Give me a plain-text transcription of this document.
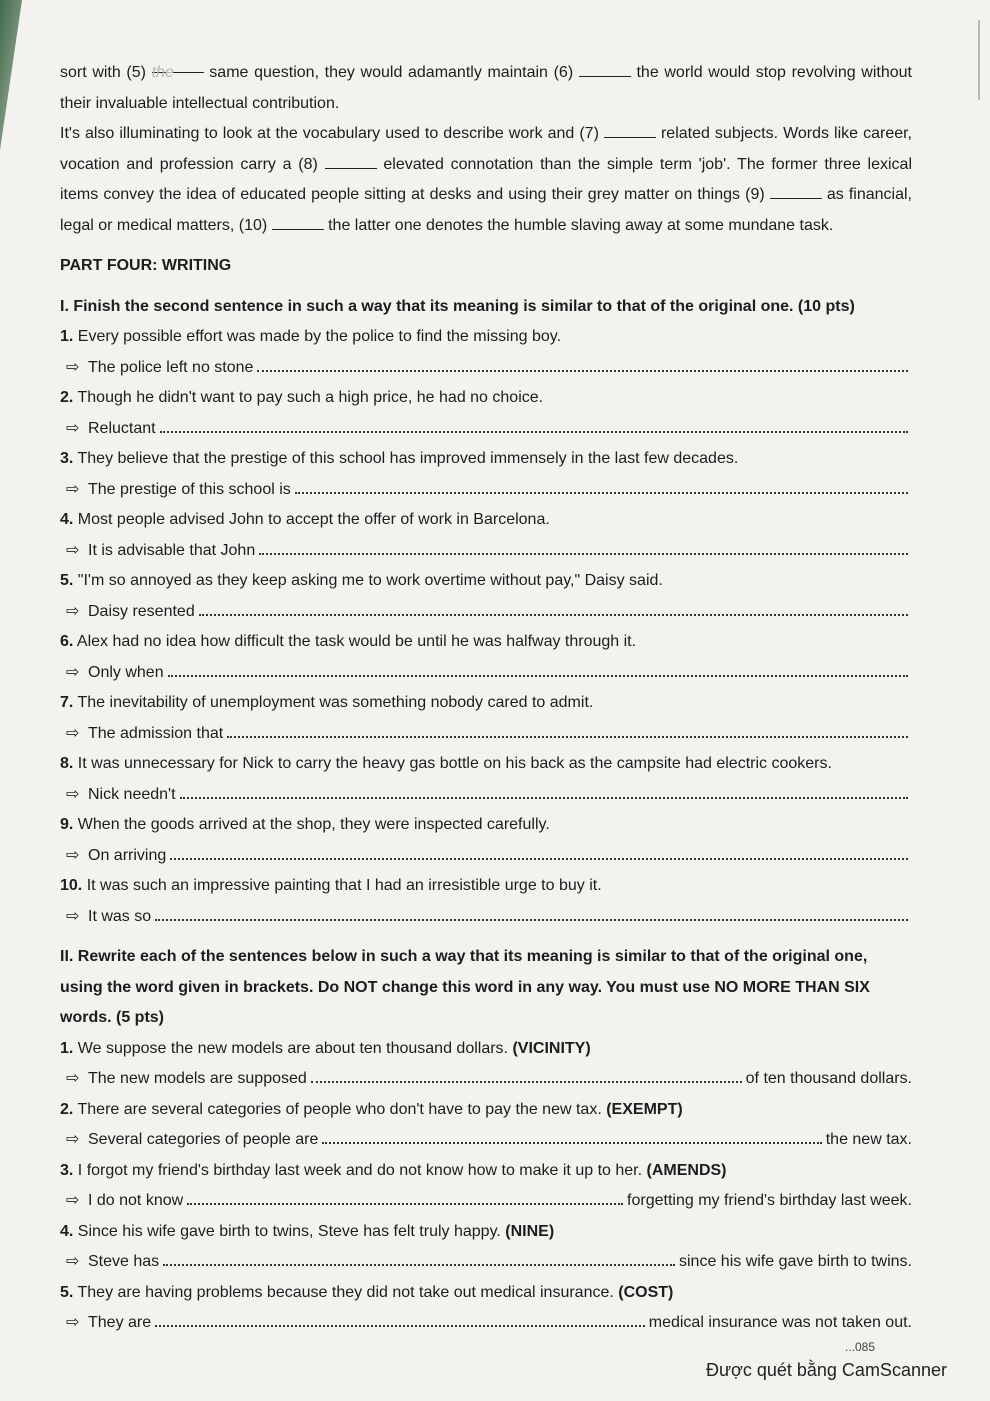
sort with (5) the same question, they would adamantly maintain (6)	the world would stop revolving without their invaluable intellectual contribution.

It's also illuminating to look at the vocabulary used to describe work and (7)	related subjects. Words like career, vocation and profession carry a (8)	elevated connotation than the simple term 'job'. The former three lexical items convey the idea of educated people sitting at desks and using their grey matter on things (9)	as financial, legal or medical matters, (10)	the latter one denotes the humble slaving away at some mundane task.

PART FOUR: WRITING

I. Finish the second sentence in such a way that its meaning is similar to that of the original one. (10 pts)

1. Every possible effort was made by the police to find the missing boy.

⇨ The police left no stone

2. Though he didn't want to pay such a high price, he had no choice.

⇨ Reluctant

3. They believe that the prestige of this school has improved immensely in the last few decades.

⇨ The prestige of this school is

4. Most people advised John to accept the offer of work in Barcelona.

⇨ It is advisable that John

5. "I'm so annoyed as they keep asking me to work overtime without pay," Daisy said.

⇨ Daisy resented

6. Alex had no idea how difficult the task would be until he was halfway through it.

⇨ Only when

7. The inevitability of unemployment was something nobody cared to admit.

⇨ The admission that

8. It was unnecessary for Nick to carry the heavy gas bottle on his back as the campsite had electric cookers.

⇨ Nick needn't

9. When the goods arrived at the shop, they were inspected carefully.

⇨ On arriving

10. It was such an impressive painting that I had an irresistible urge to buy it.

⇨ It was so

II. Rewrite each of the sentences below in such a way that its meaning is similar to that of the original one, using the word given in brackets. Do NOT change this word in any way. You must use NO MORE THAN SIX words. (5 pts)

1. We suppose the new models are about ten thousand dollars. (VICINITY)

⇨ The new models are supposed	of ten thousand dollars.

2. There are several categories of people who don't have to pay the new tax. (EXEMPT)

⇨ Several categories of people are	the new tax.

3. I forgot my friend's birthday last week and do not know how to make it up to her. (AMENDS)

⇨ I do not know	forgetting my friend's birthday last week.

4. Since his wife gave birth to twins, Steve has felt truly happy. (NINE)

⇨ Steve has	since his wife gave birth to twins.

5. They are having problems because they did not take out medical insurance. (COST)

⇨ They are	medical insurance was not taken out.
...085
Được quét bằng CamScanner
